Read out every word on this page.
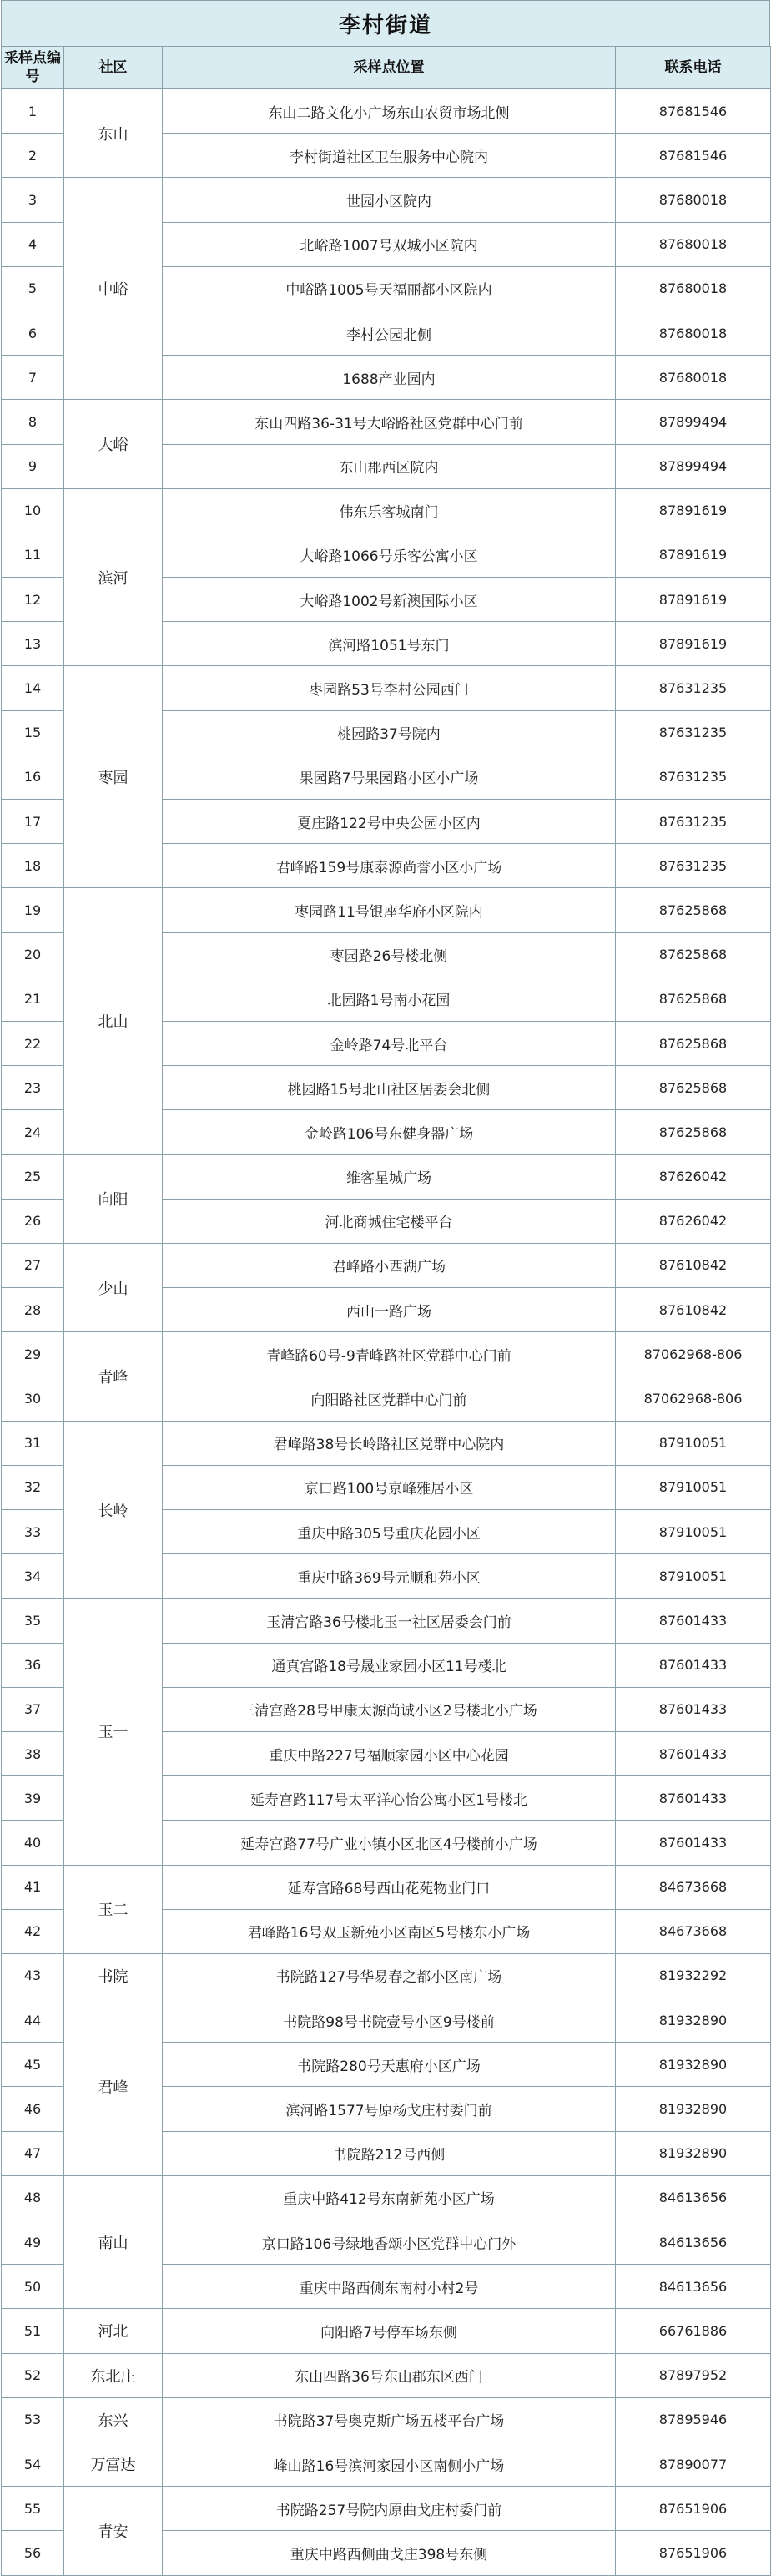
李村街道
采样点编号	社区	采样点位置	联系电话
1	东山	东山二路文化小广场东山农贸市场北侧	87681546
2		李村街道社区卫生服务中心院内	87681546
3	中峪	世园小区院内	87680018
4		北峪路1007号双城小区院内	87680018
5		中峪路1005号天福丽都小区院内	87680018
6		李村公园北侧	87680018
7		1688产业园内	87680018
8	大峪	东山四路36-31号大峪路社区党群中心门前	87899494
9		东山郡西区院内	87899494
10	滨河	伟东乐客城南门	87891619
11		大峪路1066号乐客公寓小区	87891619
12		大峪路1002号新澳国际小区	87891619
13		滨河路1051号东门	87891619
14	枣园	枣园路53号李村公园西门	87631235
15		桃园路37号院内	87631235
16		果园路7号果园路小区小广场	87631235
17		夏庄路122号中央公园小区内	87631235
18		君峰路159号康泰源尚誉小区小广场	87631235
19	北山	枣园路11号银座华府小区院内	87625868
20		枣园路26号楼北侧	87625868
21		北园路1号南小花园	87625868
22		金岭路74号北平台	87625868
23		桃园路15号北山社区居委会北侧	87625868
24		金岭路106号东健身器广场	87625868
25	向阳	维客星城广场	87626042
26		河北商城住宅楼平台	87626042
27	少山	君峰路小西湖广场	87610842
28		西山一路广场	87610842
29	青峰	青峰路60号-9青峰路社区党群中心门前	87062968-806
30		向阳路社区党群中心门前	87062968-806
31	长岭	君峰路38号长岭路社区党群中心院内	87910051
32		京口路100号京峰雅居小区	87910051
33		重庆中路305号重庆花园小区	87910051
34		重庆中路369号元顺和苑小区	87910051
35	玉一	玉清宫路36号楼北玉一社区居委会门前	87601433
36		通真宫路18号晟业家园小区11号楼北	87601433
37		三清宫路28号甲康太源尚诚小区2号楼北小广场	87601433
38		重庆中路227号福顺家园小区中心花园	87601433
39		延寿宫路117号太平洋心怡公寓小区1号楼北	87601433
40		延寿宫路77号广业小镇小区北区4号楼前小广场	87601433
41	玉二	延寿宫路68号西山花苑物业门口	84673668
42		君峰路16号双玉新苑小区南区5号楼东小广场	84673668
43	书院	书院路127号华易春之都小区南广场	81932292
44	君峰	书院路98号书院壹号小区9号楼前	81932890
45		书院路280号天惠府小区广场	81932890
46		滨河路1577号原杨戈庄村委门前	81932890
47		书院路212号西侧	81932890
48	南山	重庆中路412号东南新苑小区广场	84613656
49		京口路106号绿地香颂小区党群中心门外	84613656
50		重庆中路西侧东南村小村2号	84613656
51	河北	向阳路7号停车场东侧	66761886
52	东北庄	东山四路36号东山郡东区西门	87897952
53	东兴	书院路37号奥克斯广场五楼平台广场	87895946
54	万富达	峰山路16号滨河家园小区南侧小广场	87890077
55	青安	书院路257号院内原曲戈庄村委门前	87651906
56		重庆中路西侧曲戈庄398号东侧	87651906
